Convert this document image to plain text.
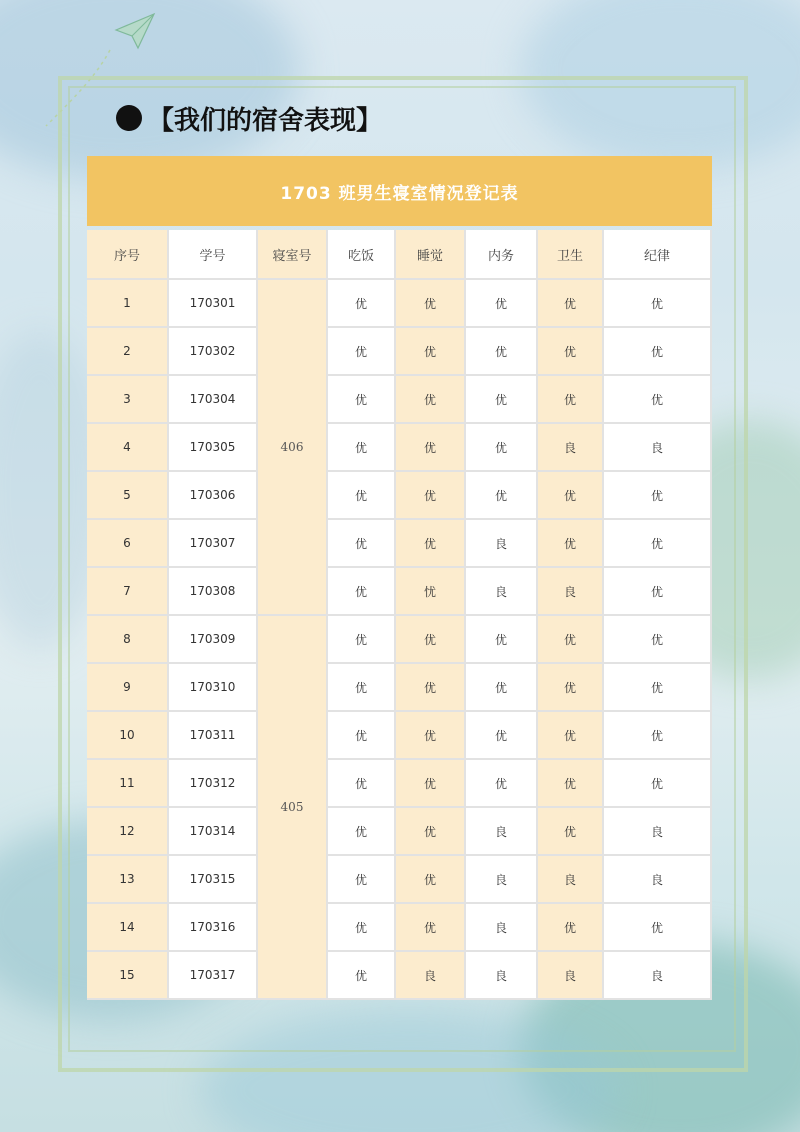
【我们的宿舍表现】
1703 班男生寝室情况登记表
序号	学号	寝室号	吃饭	睡觉	内务	卫生	纪律
1	170301	406	优	优	优	优	优
2	170302		优	优	优	优	优
3	170304		优	优	优	优	优
4	170305		优	优	优	良	良
5	170306		优	优	优	优	优
6	170307		优	优	良	优	优
7	170308		优	忧	良	良	优
8	170309	405	优	优	优	优	优
9	170310		优	优	优	优	优
10	170311		优	优	优	优	优
11	170312		优	优	优	优	优
12	170314		优	优	良	优	良
13	170315		优	优	良	良	良
14	170316		优	优	良	优	优
15	170317		优	良	良	良	良
